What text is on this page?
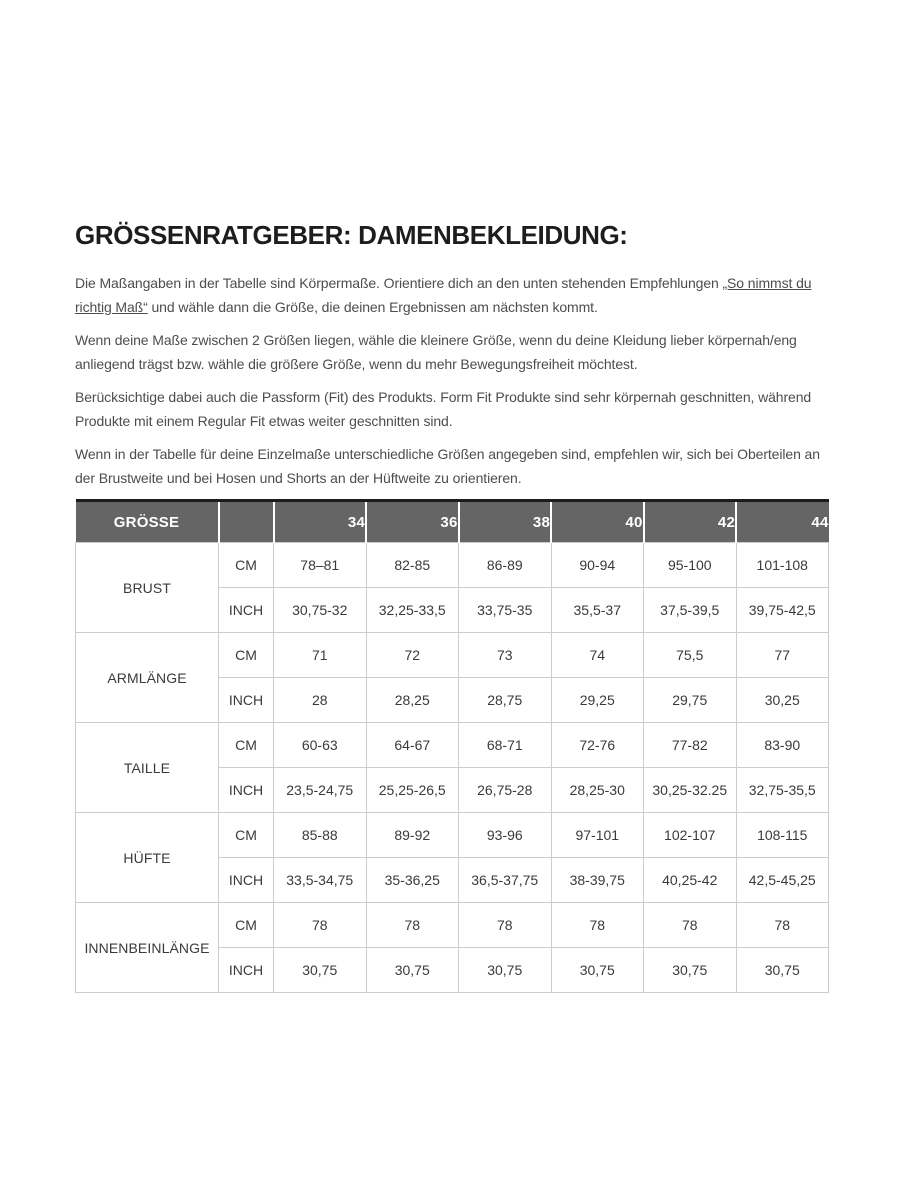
GRÖSSENRATGEBER: DAMENBEKLEIDUNG:

Die Maßangaben in der Tabelle sind Körpermaße. Orientiere dich an den unten stehenden Empfehlungen „So nimmst du richtig Maß“ und wähle dann die Größe, die deinen Ergebnissen am nächsten kommt.

Wenn deine Maße zwischen 2 Größen liegen, wähle die kleinere Größe, wenn du deine Kleidung lieber körpernah/eng anliegend trägst bzw. wähle die größere Größe, wenn du mehr Bewegungsfreiheit möchtest.

Berücksichtige dabei auch die Passform (Fit) des Produkts. Form Fit Produkte sind sehr körpernah geschnitten, während Produkte mit einem Regular Fit etwas weiter geschnitten sind.

Wenn in der Tabelle für deine Einzelmaße unterschiedliche Größen angegeben sind, empfehlen wir, sich bei Oberteilen an der Brustweite und bei Hosen und Shorts an der Hüftweite zu orientieren.

GRÖSSE		34	36	38	40	42	44
BRUST	CM	78–81	82-85	86-89	90-94	95-100	101-108
	INCH	30,75-32	32,25-33,5	33,75-35	35,5-37	37,5-39,5	39,75-42,5
ARMLÄNGE	CM	71	72	73	74	75,5	77
	INCH	28	28,25	28,75	29,25	29,75	30,25
TAILLE	CM	60-63	64-67	68-71	72-76	77-82	83-90
	INCH	23,5-24,75	25,25-26,5	26,75-28	28,25-30	30,25-32.25	32,75-35,5
HÜFTE	CM	85-88	89-92	93-96	97-101	102-107	108-115
	INCH	33,5-34,75	35-36,25	36,5-37,75	38-39,75	40,25-42	42,5-45,25
INNENBEINLÄNGE	CM	78	78	78	78	78	78
	INCH	30,75	30,75	30,75	30,75	30,75	30,75
